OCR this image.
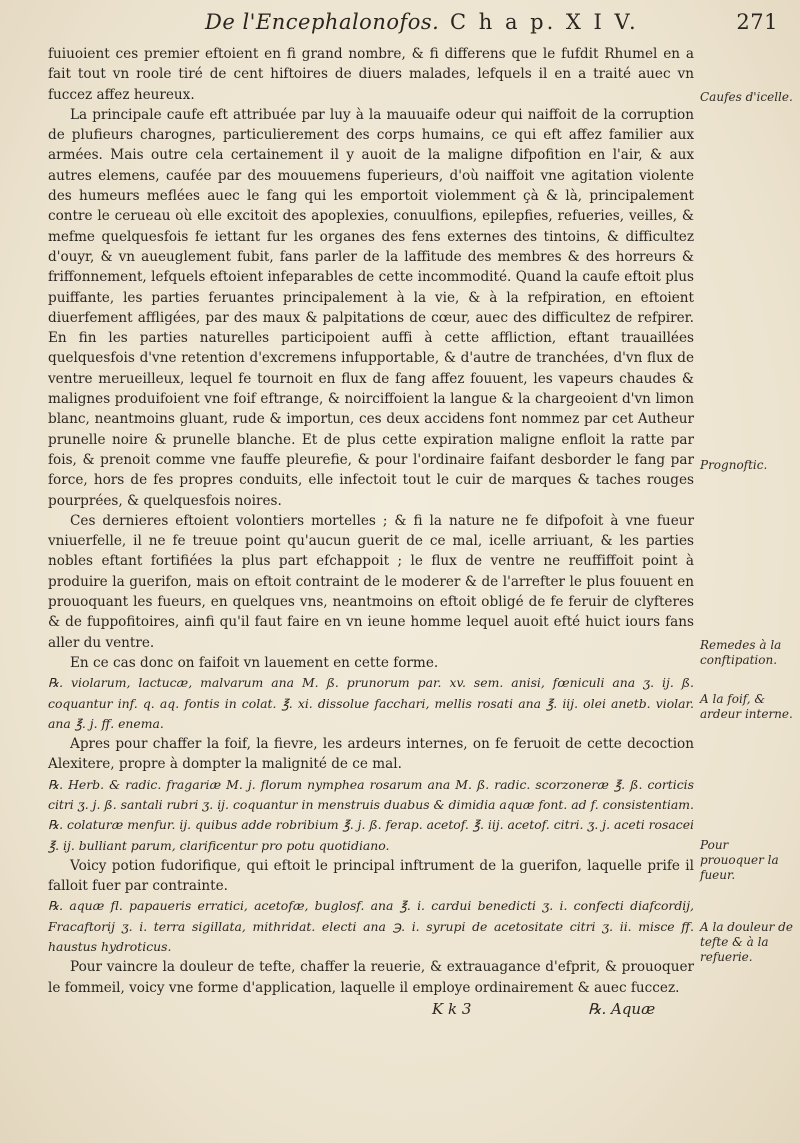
De l'Encephalonofos. C h a p. X I V.	271

fuiuoient ces premier eftoient en fi grand nombre, & fi differens que le fufdit Rhumel en a fait tout vn roole tiré de cent hiftoires de diuers malades, lefquels il en a traité auec vn fuccez affez heureux.

La principale caufe eft attribuée par luy à la mauuaife odeur qui naiffoit de la corruption de plufieurs charognes, particulierement des corps humains, ce qui eft affez familier aux armées. Mais outre cela certainement il y auoit de la maligne difpofition en l'air, & aux autres elemens, caufée par des mouuemens fuperieurs, d'où naiffoit vne agitation violente des humeurs meflées auec le fang qui les emportoit violemment çà & là, principalement contre le cerueau où elle excitoit des apoplexies, conuulfions, epilepfies, refueries, veilles, & mefme quelquesfois fe iettant fur les organes des fens externes des tintoins, & difficultez d'ouyr, & vn aueuglement fubit, fans parler de la laffitude des membres & des horreurs & friffonnement, lefquels eftoient infeparables de cette incommodité. Quand la caufe eftoit plus puiffante, les parties feruantes principalement à la vie, & à la refpiration, en eftoient diuerfement affligées, par des maux & palpitations de cœur, auec des difficultez de refpirer. En fin les parties naturelles participoient auffi à cette affliction, eftant trauaillées quelquesfois d'vne retention d'excremens infupportable, & d'autre de tranchées, d'vn flux de ventre merueilleux, lequel fe tournoit en flux de fang affez fouuent, les vapeurs chaudes & malignes produifoient vne foif eftrange, & noirciffoient la langue & la chargeoient d'vn limon blanc, neantmoins gluant, rude & importun, ces deux accidens font nommez par cet Autheur prunelle noire & prunelle blanche. Et de plus cette expiration maligne enfloit la ratte par fois, & prenoit comme vne fauffe pleurefie, & pour l'ordinaire faifant desborder le fang par force, hors de fes propres conduits, elle infectoit tout le cuir de marques & taches rouges pourprées, & quelquesfois noires.

Ces dernieres eftoient volontiers mortelles ; & fi la nature ne fe difpofoit à vne fueur vniuerfelle, il ne fe treuue point qu'aucun guerit de ce mal, icelle arriuant, & les parties nobles eftant fortifiées la plus part efchappoit ; le flux de ventre ne reuffiffoit point à produire la guerifon, mais on eftoit contraint de le moderer & de l'arrefter le plus fouuent en prouoquant les fueurs, en quelques vns, neantmoins on eftoit obligé de fe feruir de clyfteres & de fuppofitoires, ainfi qu'il faut faire en vn ieune homme lequel auoit efté huict iours fans aller du ventre.

En ce cas donc on faifoit vn lauement en cette forme.

℞. violarum, lactucæ, malvarum ana M. ß. prunorum par. xv. sem. anisi, fœniculi ana ʒ. ij. ß. coquantur inf. q. aq. fontis in colat. ℥. xi. dissolue facchari, mellis rosati ana ℥. iij. olei anetb. violar. ana ℥. j. ff. enema.

Apres pour chaffer la foif, la fievre, les ardeurs internes, on fe feruoit de cette decoction Alexitere, propre à dompter la malignité de ce mal.

℞. Herb. & radic. fragariæ M. j. florum nymphea rosarum ana M. ß. radic. scorzoneræ ℥. ß. corticis citri ʒ. j. ß. santali rubri ʒ. ij. coquantur in menstruis duabus & dimidia aquæ font. ad f. consistentiam. ℞. colaturæ menfur. ij. quibus adde robribium ℥. j. ß. ferap. acetof. ℥. iij. acetof. citri. ʒ. j. aceti rosacei ℥. ij. bulliant parum, clarificentur pro potu quotidiano.

Voicy potion fudorifique, qui eftoit le principal inftrument de la guerifon, laquelle prife il falloit fuer par contrainte.

℞. aquæ fl. papaueris erratici, acetofæ, buglosf. ana ℥. i. cardui benedicti ʒ. i. confecti diafcordij, Fracaftorij ʒ. i. terra sigillata, mithridat. electi ana ℈. i. syrupi de acetositate citri ʒ. ii. misce ff. haustus hydroticus.

Pour vaincre la douleur de tefte, chaffer la reuerie, & extrauagance d'efprit, & prouoquer le fommeil, voicy vne forme d'application, laquelle il employe ordinairement & auec fuccez.

Caufes d'icelle.
Prognoftic.
Remedes à la conftipation.
A la foif, & ardeur interne.
Pour prouoquer la fueur.
A la douleur de tefte & à la refuerie.
K k 3	℞. Aquæ
